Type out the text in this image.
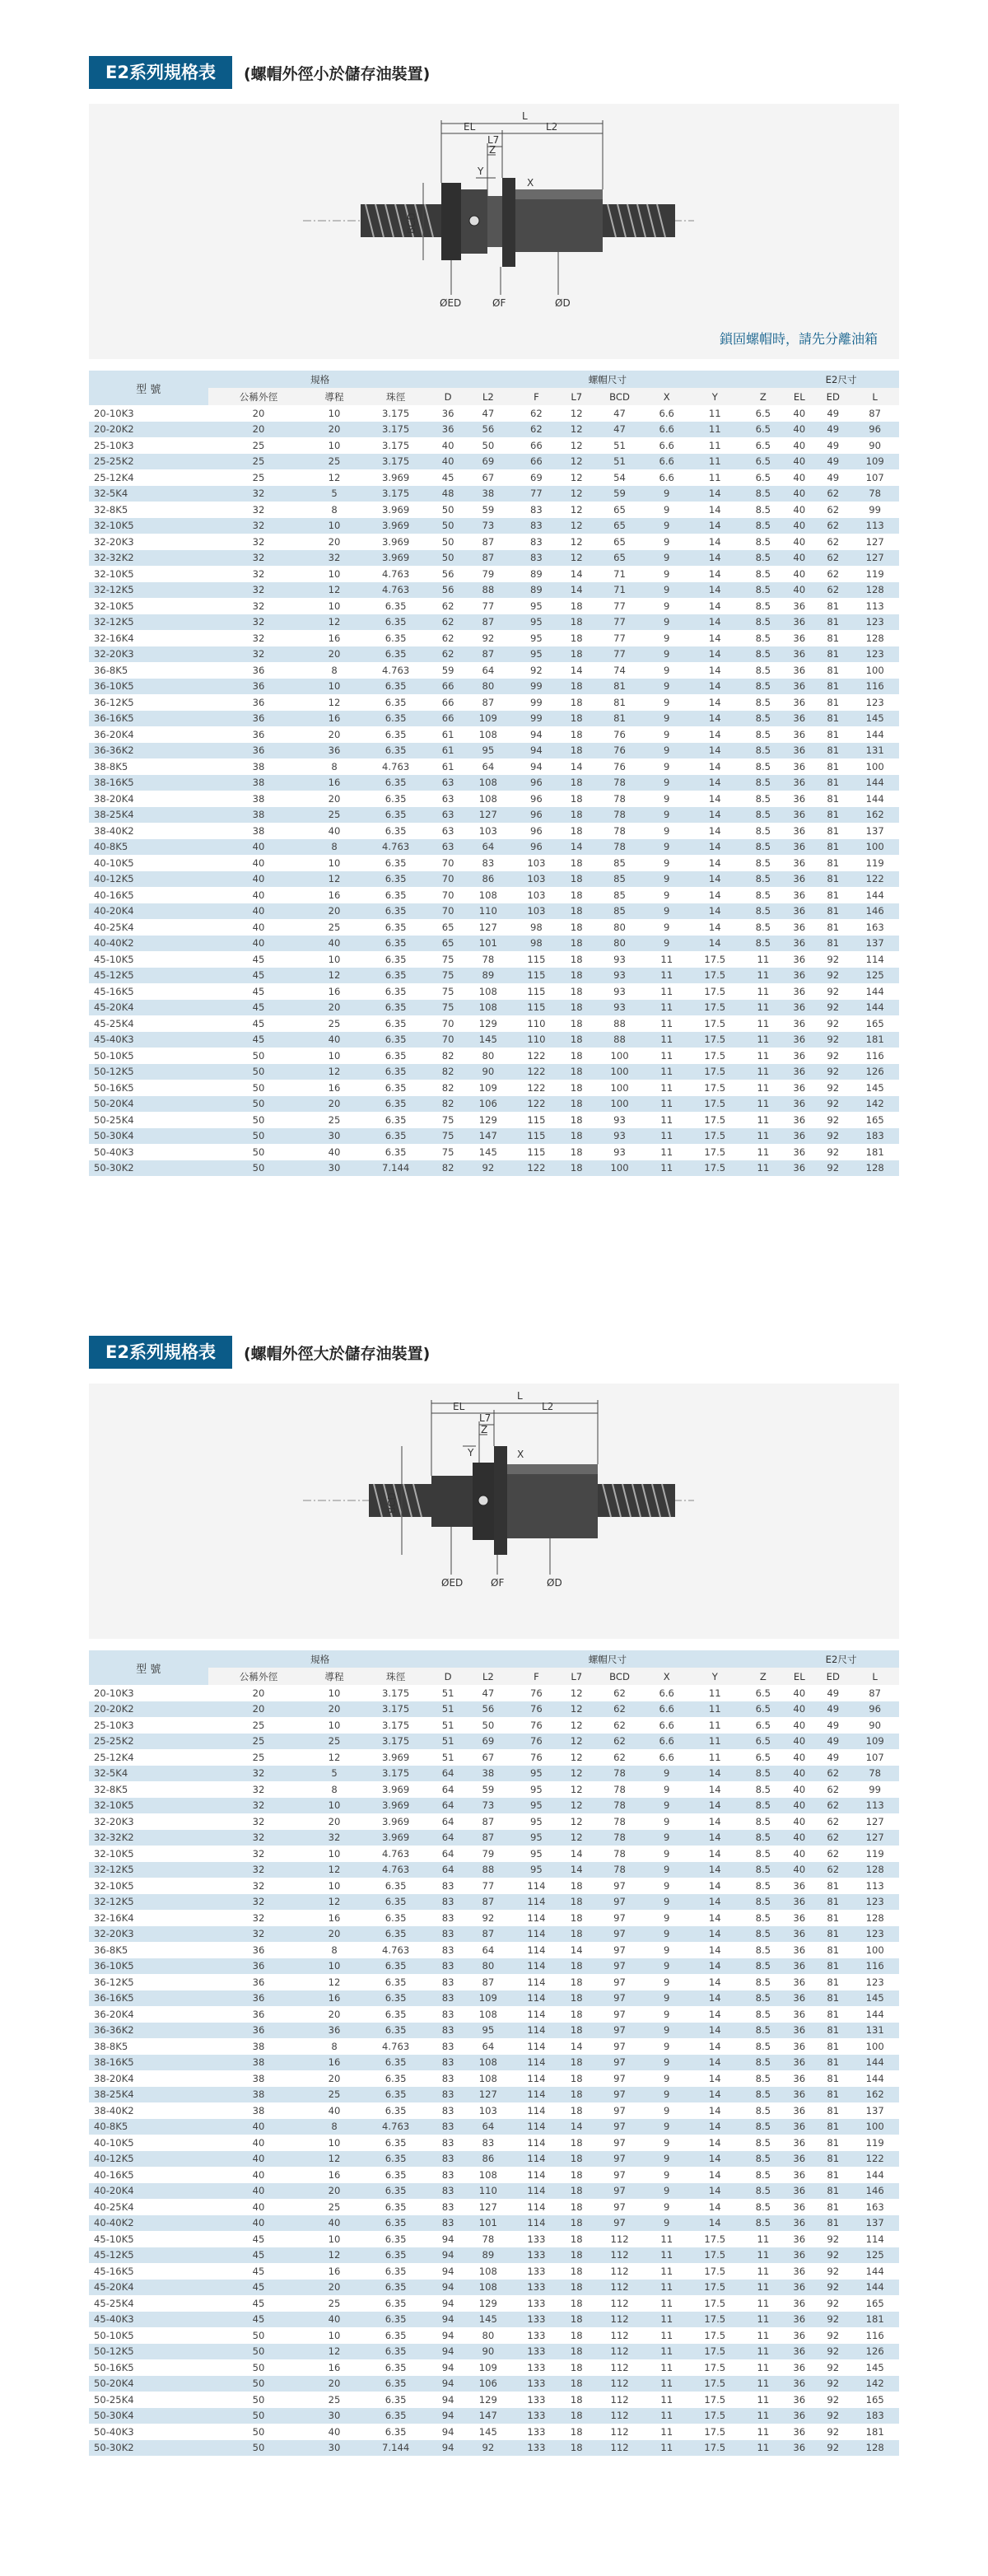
E2系列規格表	(螺帽外徑小於儲存油裝置)
L
EL	L2
L7
Z
Y
X
BCD
ØED	ØF	ØD
鎖固螺帽時，請先分離油箱
型 號	規格			螺帽尺寸								E2尺寸		
	公稱外徑	導程	珠徑	D	L2	F	L7	BCD	X	Y	Z	EL	ED	L
20-10K3	20	10	3.175	36	47	62	12	47	6.6	11	6.5	40	49	87
20-20K2	20	20	3.175	36	56	62	12	47	6.6	11	6.5	40	49	96
25-10K3	25	10	3.175	40	50	66	12	51	6.6	11	6.5	40	49	90
25-25K2	25	25	3.175	40	69	66	12	51	6.6	11	6.5	40	49	109
25-12K4	25	12	3.969	45	67	69	12	54	6.6	11	6.5	40	49	107
32-5K4	32	5	3.175	48	38	77	12	59	9	14	8.5	40	62	78
32-8K5	32	8	3.969	50	59	83	12	65	9	14	8.5	40	62	99
32-10K5	32	10	3.969	50	73	83	12	65	9	14	8.5	40	62	113
32-20K3	32	20	3.969	50	87	83	12	65	9	14	8.5	40	62	127
32-32K2	32	32	3.969	50	87	83	12	65	9	14	8.5	40	62	127
32-10K5	32	10	4.763	56	79	89	14	71	9	14	8.5	40	62	119
32-12K5	32	12	4.763	56	88	89	14	71	9	14	8.5	40	62	128
32-10K5	32	10	6.35	62	77	95	18	77	9	14	8.5	36	81	113
32-12K5	32	12	6.35	62	87	95	18	77	9	14	8.5	36	81	123
32-16K4	32	16	6.35	62	92	95	18	77	9	14	8.5	36	81	128
32-20K3	32	20	6.35	62	87	95	18	77	9	14	8.5	36	81	123
36-8K5	36	8	4.763	59	64	92	14	74	9	14	8.5	36	81	100
36-10K5	36	10	6.35	66	80	99	18	81	9	14	8.5	36	81	116
36-12K5	36	12	6.35	66	87	99	18	81	9	14	8.5	36	81	123
36-16K5	36	16	6.35	66	109	99	18	81	9	14	8.5	36	81	145
36-20K4	36	20	6.35	61	108	94	18	76	9	14	8.5	36	81	144
36-36K2	36	36	6.35	61	95	94	18	76	9	14	8.5	36	81	131
38-8K5	38	8	4.763	61	64	94	14	76	9	14	8.5	36	81	100
38-16K5	38	16	6.35	63	108	96	18	78	9	14	8.5	36	81	144
38-20K4	38	20	6.35	63	108	96	18	78	9	14	8.5	36	81	144
38-25K4	38	25	6.35	63	127	96	18	78	9	14	8.5	36	81	162
38-40K2	38	40	6.35	63	103	96	18	78	9	14	8.5	36	81	137
40-8K5	40	8	4.763	63	64	96	14	78	9	14	8.5	36	81	100
40-10K5	40	10	6.35	70	83	103	18	85	9	14	8.5	36	81	119
40-12K5	40	12	6.35	70	86	103	18	85	9	14	8.5	36	81	122
40-16K5	40	16	6.35	70	108	103	18	85	9	14	8.5	36	81	144
40-20K4	40	20	6.35	70	110	103	18	85	9	14	8.5	36	81	146
40-25K4	40	25	6.35	65	127	98	18	80	9	14	8.5	36	81	163
40-40K2	40	40	6.35	65	101	98	18	80	9	14	8.5	36	81	137
45-10K5	45	10	6.35	75	78	115	18	93	11	17.5	11	36	92	114
45-12K5	45	12	6.35	75	89	115	18	93	11	17.5	11	36	92	125
45-16K5	45	16	6.35	75	108	115	18	93	11	17.5	11	36	92	144
45-20K4	45	20	6.35	75	108	115	18	93	11	17.5	11	36	92	144
45-25K4	45	25	6.35	70	129	110	18	88	11	17.5	11	36	92	165
45-40K3	45	40	6.35	70	145	110	18	88	11	17.5	11	36	92	181
50-10K5	50	10	6.35	82	80	122	18	100	11	17.5	11	36	92	116
50-12K5	50	12	6.35	82	90	122	18	100	11	17.5	11	36	92	126
50-16K5	50	16	6.35	82	109	122	18	100	11	17.5	11	36	92	145
50-20K4	50	20	6.35	82	106	122	18	100	11	17.5	11	36	92	142
50-25K4	50	25	6.35	75	129	115	18	93	11	17.5	11	36	92	165
50-30K4	50	30	6.35	75	147	115	18	93	11	17.5	11	36	92	183
50-40K3	50	40	6.35	75	145	115	18	93	11	17.5	11	36	92	181
50-30K2	50	30	7.144	82	92	122	18	100	11	17.5	11	36	92	128
E2系列規格表	(螺帽外徑大於儲存油裝置)
L
EL	L2
L7
Z
Y	X
BCD
ØED	ØF	ØD
型 號	規格			螺帽尺寸								E2尺寸		
	公稱外徑	導程	珠徑	D	L2	F	L7	BCD	X	Y	Z	EL	ED	L
20-10K3	20	10	3.175	51	47	76	12	62	6.6	11	6.5	40	49	87
20-20K2	20	20	3.175	51	56	76	12	62	6.6	11	6.5	40	49	96
25-10K3	25	10	3.175	51	50	76	12	62	6.6	11	6.5	40	49	90
25-25K2	25	25	3.175	51	69	76	12	62	6.6	11	6.5	40	49	109
25-12K4	25	12	3.969	51	67	76	12	62	6.6	11	6.5	40	49	107
32-5K4	32	5	3.175	64	38	95	12	78	9	14	8.5	40	62	78
32-8K5	32	8	3.969	64	59	95	12	78	9	14	8.5	40	62	99
32-10K5	32	10	3.969	64	73	95	12	78	9	14	8.5	40	62	113
32-20K3	32	20	3.969	64	87	95	12	78	9	14	8.5	40	62	127
32-32K2	32	32	3.969	64	87	95	12	78	9	14	8.5	40	62	127
32-10K5	32	10	4.763	64	79	95	14	78	9	14	8.5	40	62	119
32-12K5	32	12	4.763	64	88	95	14	78	9	14	8.5	40	62	128
32-10K5	32	10	6.35	83	77	114	18	97	9	14	8.5	36	81	113
32-12K5	32	12	6.35	83	87	114	18	97	9	14	8.5	36	81	123
32-16K4	32	16	6.35	83	92	114	18	97	9	14	8.5	36	81	128
32-20K3	32	20	6.35	83	87	114	18	97	9	14	8.5	36	81	123
36-8K5	36	8	4.763	83	64	114	14	97	9	14	8.5	36	81	100
36-10K5	36	10	6.35	83	80	114	18	97	9	14	8.5	36	81	116
36-12K5	36	12	6.35	83	87	114	18	97	9	14	8.5	36	81	123
36-16K5	36	16	6.35	83	109	114	18	97	9	14	8.5	36	81	145
36-20K4	36	20	6.35	83	108	114	18	97	9	14	8.5	36	81	144
36-36K2	36	36	6.35	83	95	114	18	97	9	14	8.5	36	81	131
38-8K5	38	8	4.763	83	64	114	14	97	9	14	8.5	36	81	100
38-16K5	38	16	6.35	83	108	114	18	97	9	14	8.5	36	81	144
38-20K4	38	20	6.35	83	108	114	18	97	9	14	8.5	36	81	144
38-25K4	38	25	6.35	83	127	114	18	97	9	14	8.5	36	81	162
38-40K2	38	40	6.35	83	103	114	18	97	9	14	8.5	36	81	137
40-8K5	40	8	4.763	83	64	114	14	97	9	14	8.5	36	81	100
40-10K5	40	10	6.35	83	83	114	18	97	9	14	8.5	36	81	119
40-12K5	40	12	6.35	83	86	114	18	97	9	14	8.5	36	81	122
40-16K5	40	16	6.35	83	108	114	18	97	9	14	8.5	36	81	144
40-20K4	40	20	6.35	83	110	114	18	97	9	14	8.5	36	81	146
40-25K4	40	25	6.35	83	127	114	18	97	9	14	8.5	36	81	163
40-40K2	40	40	6.35	83	101	114	18	97	9	14	8.5	36	81	137
45-10K5	45	10	6.35	94	78	133	18	112	11	17.5	11	36	92	114
45-12K5	45	12	6.35	94	89	133	18	112	11	17.5	11	36	92	125
45-16K5	45	16	6.35	94	108	133	18	112	11	17.5	11	36	92	144
45-20K4	45	20	6.35	94	108	133	18	112	11	17.5	11	36	92	144
45-25K4	45	25	6.35	94	129	133	18	112	11	17.5	11	36	92	165
45-40K3	45	40	6.35	94	145	133	18	112	11	17.5	11	36	92	181
50-10K5	50	10	6.35	94	80	133	18	112	11	17.5	11	36	92	116
50-12K5	50	12	6.35	94	90	133	18	112	11	17.5	11	36	92	126
50-16K5	50	16	6.35	94	109	133	18	112	11	17.5	11	36	92	145
50-20K4	50	20	6.35	94	106	133	18	112	11	17.5	11	36	92	142
50-25K4	50	25	6.35	94	129	133	18	112	11	17.5	11	36	92	165
50-30K4	50	30	6.35	94	147	133	18	112	11	17.5	11	36	92	183
50-40K3	50	40	6.35	94	145	133	18	112	11	17.5	11	36	92	181
50-30K2	50	30	7.144	94	92	133	18	112	11	17.5	11	36	92	128
